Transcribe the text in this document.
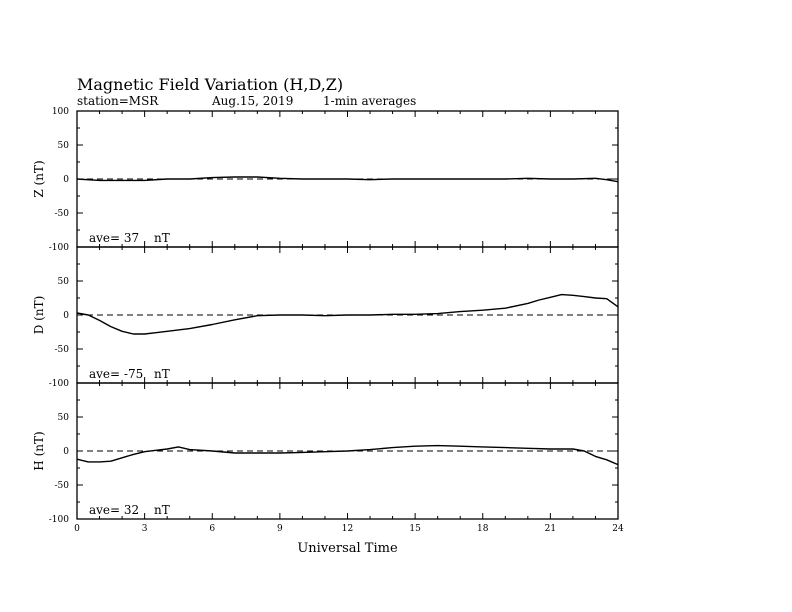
Magnetic Field Variation (H,D,Z)
station=MSR	Aug.15, 2019 1-min averages
100
50
0
-50
-100
Z (nT)
ave= 37 nT
50
0
-50
-100
D (nT)
ave= -75 nT
50
0
-50
-100
H (nT)
ave= 32 nT
0	3	6	9	12	15	18	21	24
Universal Time
